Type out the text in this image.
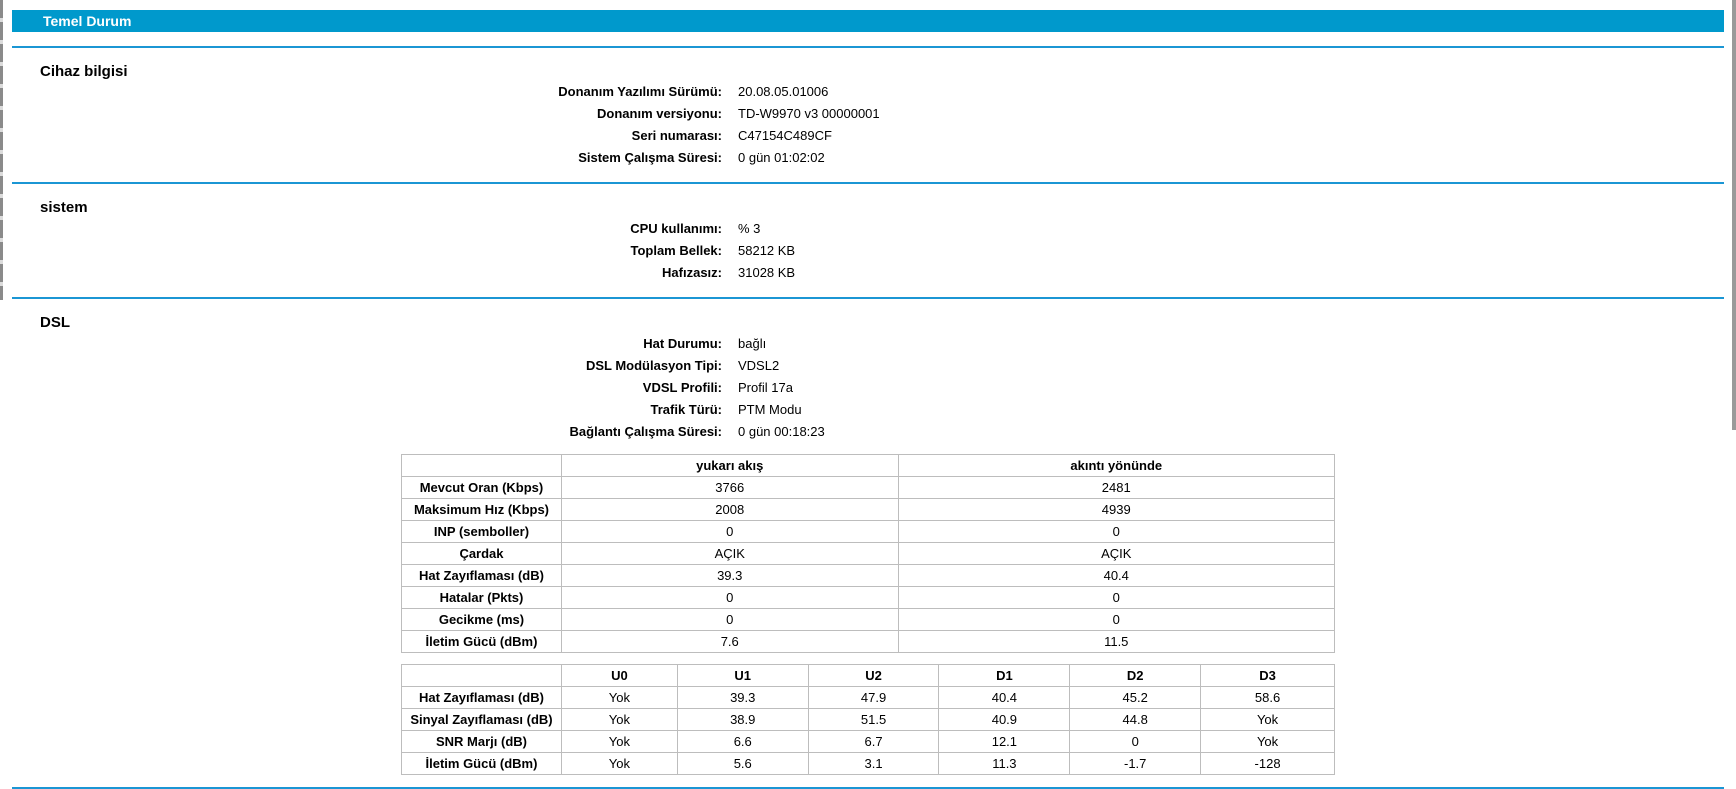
Temel Durum
Cihaz bilgisi
Donanım Yazılımı Sürümü: 20.08.05.01006
Donanım versiyonu: TD-W9970 v3 00000001
Seri numarası: C47154C489CF
Sistem Çalışma Süresi: 0 gün 01:02:02
sistem
CPU kullanımı: % 3
Toplam Bellek: 58212 KB
Hafızasız: 31028 KB
DSL
Hat Durumu: bağlı
DSL Modülasyon Tipi: VDSL2
VDSL Profili: Profil 17a
Trafik Türü: PTM Modu
Bağlantı Çalışma Süresi: 0 gün 00:18:23
	yukarı akış	akıntı yönünde
Mevcut Oran (Kbps)	3766	2481
Maksimum Hız (Kbps)	2008	4939
INP (semboller)	0	0
Çardak	AÇIK	AÇIK
Hat Zayıflaması (dB)	39.3	40.4
Hatalar (Pkts)	0	0
Gecikme (ms)	0	0
İletim Gücü (dBm)	7.6	11.5
	U0	U1	U2	D1	D2	D3
Hat Zayıflaması (dB)	Yok	39.3	47.9	40.4	45.2	58.6
Sinyal Zayıflaması (dB)	Yok	38.9	51.5	40.9	44.8	Yok
SNR Marjı (dB)	Yok	6.6	6.7	12.1	0	Yok
İletim Gücü (dBm)	Yok	5.6	3.1	11.3	-1.7	-128
